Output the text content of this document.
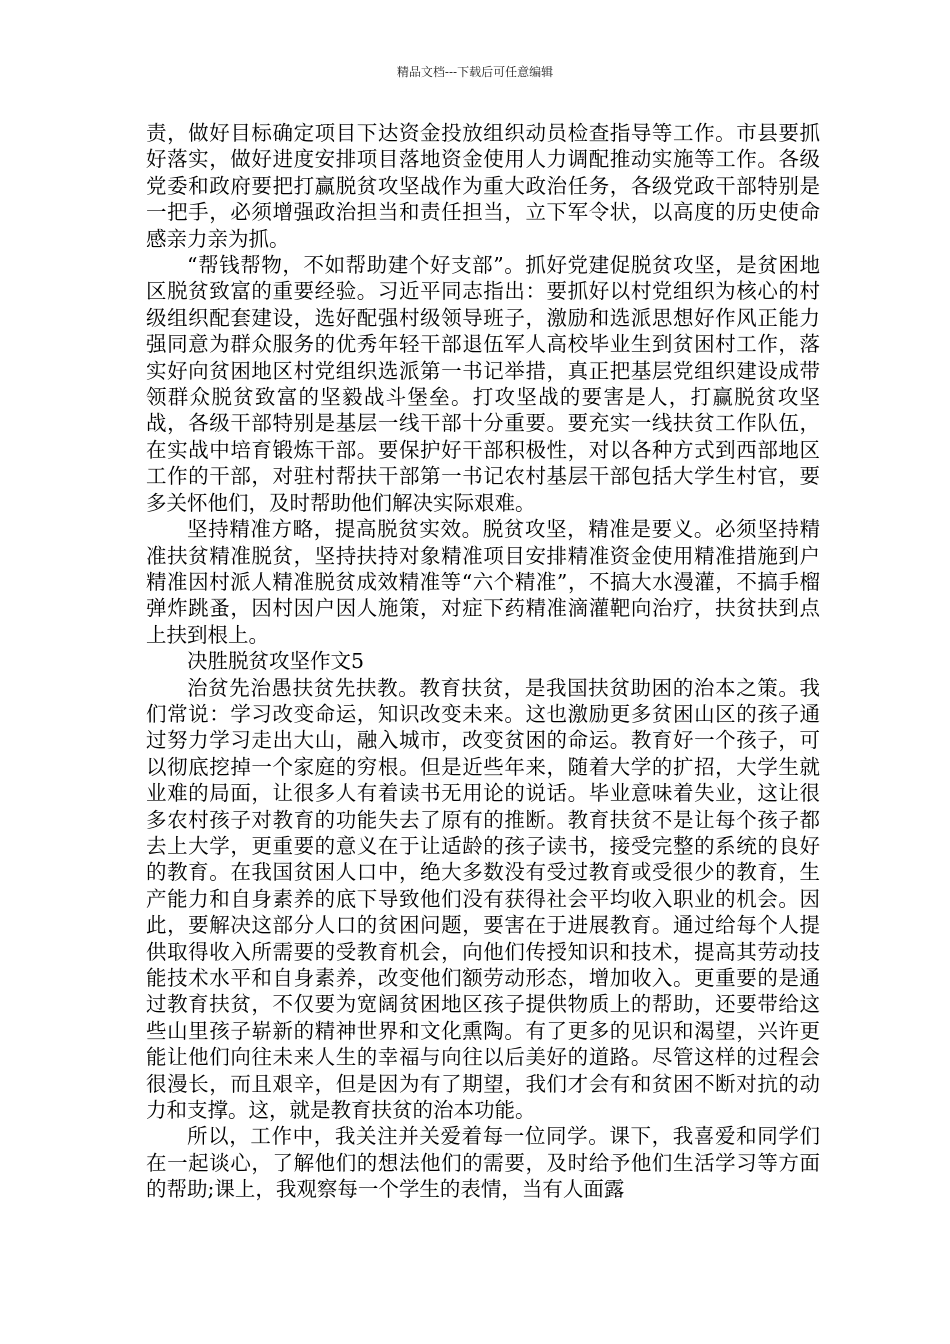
精品文档---下载后可任意编辑

责，做好目标确定项目下达资金投放组织动员检查指导等工作。市县要抓好落实，做好进度安排项目落地资金使用人力调配推动实施等工作。各级党委和政府要把打赢脱贫攻坚战作为重大政治任务，各级党政干部特别是一把手，必须增强政治担当和责任担当，立下军令状，以高度的历史使命感亲力亲为抓。

“帮钱帮物，不如帮助建个好支部”。抓好党建促脱贫攻坚，是贫困地区脱贫致富的重要经验。习近平同志指出：要抓好以村党组织为核心的村级组织配套建设，选好配强村级领导班子，激励和选派思想好作风正能力强同意为群众服务的优秀年轻干部退伍军人高校毕业生到贫困村工作，落实好向贫困地区村党组织选派第一书记举措，真正把基层党组织建设成带领群众脱贫致富的坚毅战斗堡垒。打攻坚战的要害是人，打赢脱贫攻坚战，各级干部特别是基层一线干部十分重要。要充实一线扶贫工作队伍，在实战中培育锻炼干部。要保护好干部积极性，对以各种方式到西部地区工作的干部，对驻村帮扶干部第一书记农村基层干部包括大学生村官，要多关怀他们，及时帮助他们解决实际艰难。

坚持精准方略，提高脱贫实效。脱贫攻坚，精准是要义。必须坚持精准扶贫精准脱贫，坚持扶持对象精准项目安排精准资金使用精准措施到户精准因村派人精准脱贫成效精准等“六个精准”，不搞大水漫灌，不搞手榴弹炸跳蚤，因村因户因人施策，对症下药精准滴灌靶向治疗，扶贫扶到点上扶到根上。

决胜脱贫攻坚作文5

治贫先治愚扶贫先扶教。教育扶贫，是我国扶贫助困的治本之策。我们常说：学习改变命运，知识改变未来。这也激励更多贫困山区的孩子通过努力学习走出大山，融入城市，改变贫困的命运。教育好一个孩子，可以彻底挖掉一个家庭的穷根。但是近些年来，随着大学的扩招，大学生就业难的局面，让很多人有着读书无用论的说话。毕业意味着失业，这让很多农村孩子对教育的功能失去了原有的推断。教育扶贫不是让每个孩子都去上大学，更重要的意义在于让适龄的孩子读书，接受完整的系统的良好的教育。在我国贫困人口中，绝大多数没有受过教育或受很少的教育，生产能力和自身素养的底下导致他们没有获得社会平均收入职业的机会。因此，要解决这部分人口的贫困问题，要害在于进展教育。通过给每个人提供取得收入所需要的受教育机会，向他们传授知识和技术，提高其劳动技能技术水平和自身素养，改变他们额劳动形态，增加收入。更重要的是通过教育扶贫，不仅要为宽阔贫困地区孩子提供物质上的帮助，还要带给这些山里孩子崭新的精神世界和文化熏陶。有了更多的见识和渴望，兴许更能让他们向往未来人生的幸福与向往以后美好的道路。尽管这样的过程会很漫长，而且艰辛，但是因为有了期望，我们才会有和贫困不断对抗的动力和支撑。这，就是教育扶贫的治本功能。

所以，工作中，我关注并关爱着每一位同学。课下，我喜爱和同学们在一起谈心，了解他们的想法他们的需要，及时给予他们生活学习等方面的帮助;课上，我观察每一个学生的表情，当有人面露
